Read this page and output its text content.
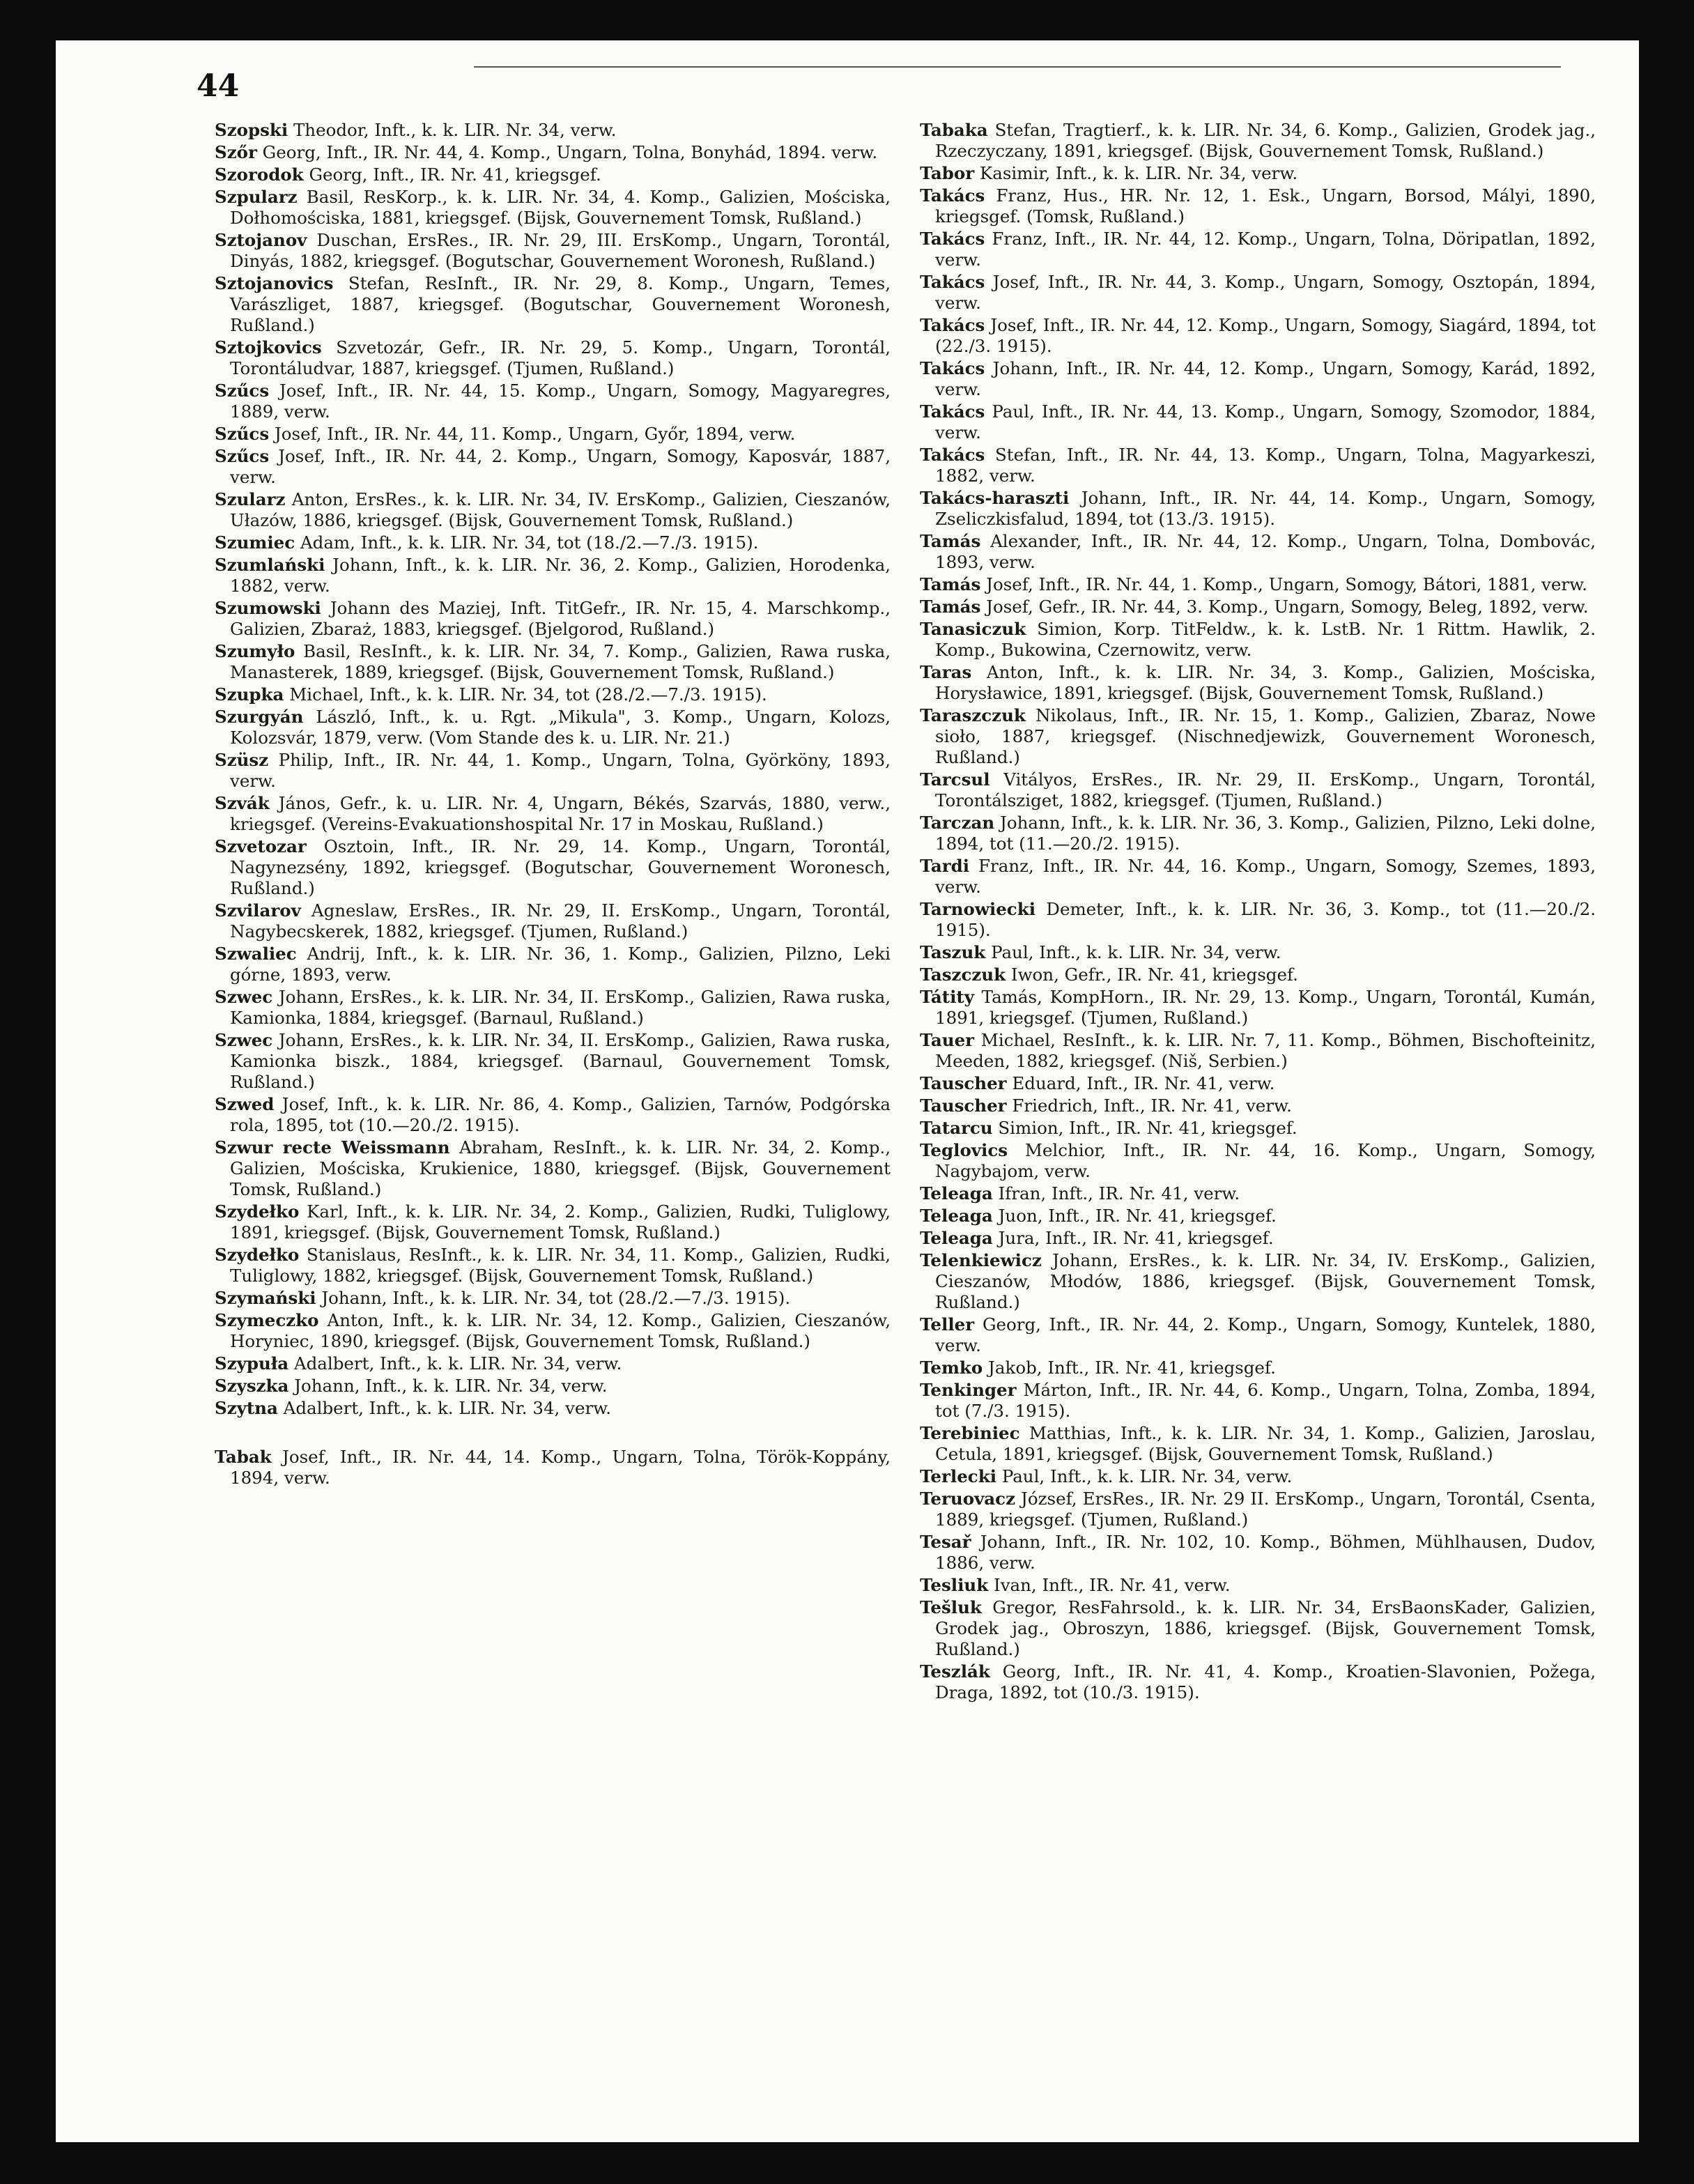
44

Szopski Theodor, Inft., k. k. LIR. Nr. 34, verw.

Szőr Georg, Inft., IR. Nr. 44, 4. Komp., Ungarn, Tolna, Bonyhád, 1894. verw.

Szorodok Georg, Inft., IR. Nr. 41, kriegsgef.

Szpularz Basil, ResKorp., k. k. LIR. Nr. 34, 4. Komp., Galizien, Mościska, Dołhomościska, 1881, kriegsgef. (Bijsk, Gouvernement Tomsk, Rußland.)

Sztojanov Duschan, ErsRes., IR. Nr. 29, III. ErsKomp., Ungarn, Torontál, Dinyás, 1882, kriegsgef. (Bogutschar, Gouvernement Woronesh, Rußland.)

Sztojanovics Stefan, ResInft., IR. Nr. 29, 8. Komp., Ungarn, Temes, Varászliget, 1887, kriegsgef. (Bogutschar, Gouvernement Woronesh, Rußland.)

Sztojkovics Szvetozár, Gefr., IR. Nr. 29, 5. Komp., Ungarn, Torontál, Torontáludvar, 1887, kriegsgef. (Tjumen, Rußland.)

Szűcs Josef, Inft., IR. Nr. 44, 15. Komp., Ungarn, Somogy, Magyaregres, 1889, verw.

Szűcs Josef, Inft., IR. Nr. 44, 11. Komp., Ungarn, Győr, 1894, verw.

Szűcs Josef, Inft., IR. Nr. 44, 2. Komp., Ungarn, Somogy, Kaposvár, 1887, verw.

Szularz Anton, ErsRes., k. k. LIR. Nr. 34, IV. ErsKomp., Galizien, Cieszanów, Ułazów, 1886, kriegsgef. (Bijsk, Gouvernement Tomsk, Rußland.)

Szumiec Adam, Inft., k. k. LIR. Nr. 34, tot (18./2.—7./3. 1915).

Szumlański Johann, Inft., k. k. LIR. Nr. 36, 2. Komp., Galizien, Horodenka, 1882, verw.

Szumowski Johann des Maziej, Inft. TitGefr., IR. Nr. 15, 4. Marschkomp., Galizien, Zbaraż, 1883, kriegsgef. (Bjelgorod, Rußland.)

Szumyło Basil, ResInft., k. k. LIR. Nr. 34, 7. Komp., Galizien, Rawa ruska, Manasterek, 1889, kriegsgef. (Bijsk, Gouvernement Tomsk, Rußland.)

Szupka Michael, Inft., k. k. LIR. Nr. 34, tot (28./2.—7./3. 1915).

Szurgyán László, Inft., k. u. Rgt. „Mikula", 3. Komp., Ungarn, Kolozs, Kolozsvár, 1879, verw. (Vom Stande des k. u. LIR. Nr. 21.)

Szüsz Philip, Inft., IR. Nr. 44, 1. Komp., Ungarn, Tolna, Györköny, 1893, verw.

Szvák János, Gefr., k. u. LIR. Nr. 4, Ungarn, Békés, Szarvás, 1880, verw., kriegsgef. (Vereins-Evakuationshospital Nr. 17 in Moskau, Rußland.)

Szvetozar Osztoin, Inft., IR. Nr. 29, 14. Komp., Ungarn, Torontál, Nagynezsény, 1892, kriegsgef. (Bogutschar, Gouvernement Woronesch, Rußland.)

Szvilarov Agneslaw, ErsRes., IR. Nr. 29, II. ErsKomp., Ungarn, Torontál, Nagybecskerek, 1882, kriegsgef. (Tjumen, Rußland.)

Szwaliec Andrij, Inft., k. k. LIR. Nr. 36, 1. Komp., Galizien, Pilzno, Leki górne, 1893, verw.

Szwec Johann, ErsRes., k. k. LIR. Nr. 34, II. ErsKomp., Galizien, Rawa ruska, Kamionka, 1884, kriegsgef. (Barnaul, Rußland.)

Szwec Johann, ErsRes., k. k. LIR. Nr. 34, II. ErsKomp., Galizien, Rawa ruska, Kamionka biszk., 1884, kriegsgef. (Barnaul, Gouvernement Tomsk, Rußland.)

Szwed Josef, Inft., k. k. LIR. Nr. 86, 4. Komp., Galizien, Tarnów, Podgórska rola, 1895, tot (10.—20./2. 1915).

Szwur recte Weissmann Abraham, ResInft., k. k. LIR. Nr. 34, 2. Komp., Galizien, Mościska, Krukienice, 1880, kriegsgef. (Bijsk, Gouvernement Tomsk, Rußland.)

Szydełko Karl, Inft., k. k. LIR. Nr. 34, 2. Komp., Galizien, Rudki, Tuliglowy, 1891, kriegsgef. (Bijsk, Gouvernement Tomsk, Rußland.)

Szydełko Stanislaus, ResInft., k. k. LIR. Nr. 34, 11. Komp., Galizien, Rudki, Tuliglowy, 1882, kriegsgef. (Bijsk, Gouvernement Tomsk, Rußland.)

Szymański Johann, Inft., k. k. LIR. Nr. 34, tot (28./2.—7./3. 1915).

Szymeczko Anton, Inft., k. k. LIR. Nr. 34, 12. Komp., Galizien, Cieszanów, Horyniec, 1890, kriegsgef. (Bijsk, Gouvernement Tomsk, Rußland.)

Szypuła Adalbert, Inft., k. k. LIR. Nr. 34, verw.

Szyszka Johann, Inft., k. k. LIR. Nr. 34, verw.

Szytna Adalbert, Inft., k. k. LIR. Nr. 34, verw.

Tabak Josef, Inft., IR. Nr. 44, 14. Komp., Ungarn, Tolna, Török-Koppány, 1894, verw.

Tabaka Stefan, Tragtierf., k. k. LIR. Nr. 34, 6. Komp., Galizien, Grodek jag., Rzeczyczany, 1891, kriegsgef. (Bijsk, Gouvernement Tomsk, Rußland.)

Tabor Kasimir, Inft., k. k. LIR. Nr. 34, verw.

Takács Franz, Hus., HR. Nr. 12, 1. Esk., Ungarn, Borsod, Mályi, 1890, kriegsgef. (Tomsk, Rußland.)

Takács Franz, Inft., IR. Nr. 44, 12. Komp., Ungarn, Tolna, Döripatlan, 1892, verw.

Takács Josef, Inft., IR. Nr. 44, 3. Komp., Ungarn, Somogy, Osztopán, 1894, verw.

Takács Josef, Inft., IR. Nr. 44, 12. Komp., Ungarn, Somogy, Siagárd, 1894, tot (22./3. 1915).

Takács Johann, Inft., IR. Nr. 44, 12. Komp., Ungarn, Somogy, Karád, 1892, verw.

Takács Paul, Inft., IR. Nr. 44, 13. Komp., Ungarn, Somogy, Szomodor, 1884, verw.

Takács Stefan, Inft., IR. Nr. 44, 13. Komp., Ungarn, Tolna, Magyarkeszi, 1882, verw.

Takács-haraszti Johann, Inft., IR. Nr. 44, 14. Komp., Ungarn, Somogy, Zseliczkisfalud, 1894, tot (13./3. 1915).

Tamás Alexander, Inft., IR. Nr. 44, 12. Komp., Ungarn, Tolna, Dombovác, 1893, verw.

Tamás Josef, Inft., IR. Nr. 44, 1. Komp., Ungarn, Somogy, Bátori, 1881, verw.

Tamás Josef, Gefr., IR. Nr. 44, 3. Komp., Ungarn, Somogy, Beleg, 1892, verw.

Tanasiczuk Simion, Korp. TitFeldw., k. k. LstB. Nr. 1 Rittm. Hawlik, 2. Komp., Bukowina, Czernowitz, verw.

Taras Anton, Inft., k. k. LIR. Nr. 34, 3. Komp., Galizien, Mościska, Horysławice, 1891, kriegsgef. (Bijsk, Gouvernement Tomsk, Rußland.)

Taraszczuk Nikolaus, Inft., IR. Nr. 15, 1. Komp., Galizien, Zbaraz, Nowe sioło, 1887, kriegsgef. (Nischnedjewizk, Gouvernement Woronesch, Rußland.)

Tarcsul Vitályos, ErsRes., IR. Nr. 29, II. ErsKomp., Ungarn, Torontál, Torontálsziget, 1882, kriegsgef. (Tjumen, Rußland.)

Tarczan Johann, Inft., k. k. LIR. Nr. 36, 3. Komp., Galizien, Pilzno, Leki dolne, 1894, tot (11.—20./2. 1915).

Tardi Franz, Inft., IR. Nr. 44, 16. Komp., Ungarn, Somogy, Szemes, 1893, verw.

Tarnowiecki Demeter, Inft., k. k. LIR. Nr. 36, 3. Komp., tot (11.—20./2. 1915).

Taszuk Paul, Inft., k. k. LIR. Nr. 34, verw.

Taszczuk Iwon, Gefr., IR. Nr. 41, kriegsgef.

Tátity Tamás, KompHorn., IR. Nr. 29, 13. Komp., Ungarn, Torontál, Kumán, 1891, kriegsgef. (Tjumen, Rußland.)

Tauer Michael, ResInft., k. k. LIR. Nr. 7, 11. Komp., Böhmen, Bischofteinitz, Meeden, 1882, kriegsgef. (Niš, Serbien.)

Tauscher Eduard, Inft., IR. Nr. 41, verw.

Tauscher Friedrich, Inft., IR. Nr. 41, verw.

Tatarcu Simion, Inft., IR. Nr. 41, kriegsgef.

Teglovics Melchior, Inft., IR. Nr. 44, 16. Komp., Ungarn, Somogy, Nagybajom, verw.

Teleaga Ifran, Inft., IR. Nr. 41, verw.

Teleaga Juon, Inft., IR. Nr. 41, kriegsgef.

Teleaga Jura, Inft., IR. Nr. 41, kriegsgef.

Telenkiewicz Johann, ErsRes., k. k. LIR. Nr. 34, IV. ErsKomp., Galizien, Cieszanów, Młodów, 1886, kriegsgef. (Bijsk, Gouvernement Tomsk, Rußland.)

Teller Georg, Inft., IR. Nr. 44, 2. Komp., Ungarn, Somogy, Kuntelek, 1880, verw.

Temko Jakob, Inft., IR. Nr. 41, kriegsgef.

Tenkinger Márton, Inft., IR. Nr. 44, 6. Komp., Ungarn, Tolna, Zomba, 1894, tot (7./3. 1915).

Terebiniec Matthias, Inft., k. k. LIR. Nr. 34, 1. Komp., Galizien, Jaroslau, Cetula, 1891, kriegsgef. (Bijsk, Gouvernement Tomsk, Rußland.)

Terlecki Paul, Inft., k. k. LIR. Nr. 34, verw.

Teruovacz József, ErsRes., IR. Nr. 29 II. ErsKomp., Ungarn, Torontál, Csenta, 1889, kriegsgef. (Tjumen, Rußland.)

Tesař Johann, Inft., IR. Nr. 102, 10. Komp., Böhmen, Mühlhausen, Dudov, 1886, verw.

Tesliuk Ivan, Inft., IR. Nr. 41, verw.

Tešluk Gregor, ResFahrsold., k. k. LIR. Nr. 34, ErsBaonsKader, Galizien, Grodek jag., Obroszyn, 1886, kriegsgef. (Bijsk, Gouvernement Tomsk, Rußland.)

Teszlák Georg, Inft., IR. Nr. 41, 4. Komp., Kroatien-Slavonien, Požega, Draga, 1892, tot (10./3. 1915).
